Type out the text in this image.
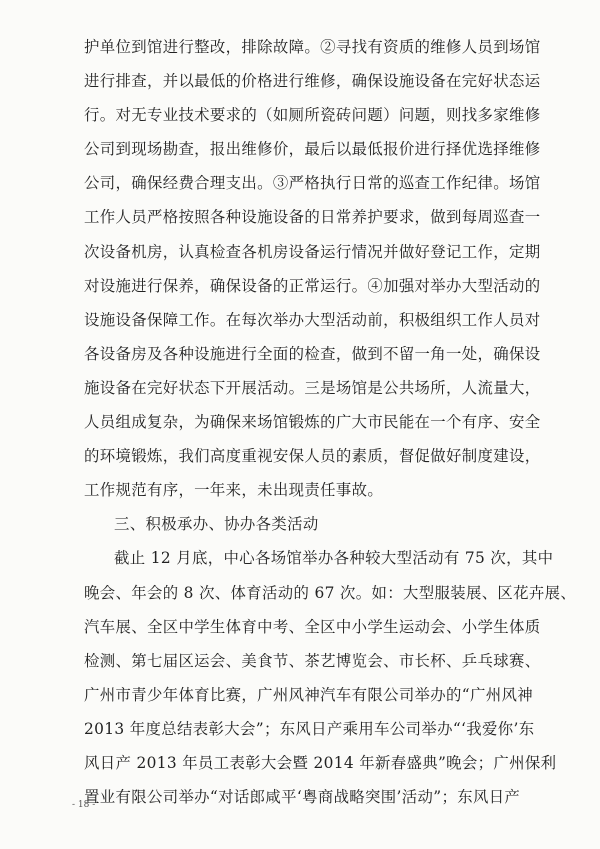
护单位到馆进行整改，排除故障。②寻找有资质的维修人员到场馆
进行排查，并以最低的价格进行维修，确保设施设备在完好状态运
行。对无专业技术要求的（如厕所瓷砖问题）问题，则找多家维修
公司到现场勘查，报出维修价，最后以最低报价进行择优选择维修
公司，确保经费合理支出。③严格执行日常的巡查工作纪律。场馆
工作人员严格按照各种设施设备的日常养护要求，做到每周巡查一
次设备机房，认真检查各机房设备运行情况并做好登记工作，定期
对设施进行保养，确保设备的正常运行。④加强对举办大型活动的
设施设备保障工作。在每次举办大型活动前，积极组织工作人员对
各设备房及各种设施进行全面的检查，做到不留一角一处，确保设
施设备在完好状态下开展活动。三是场馆是公共场所，人流量大，
人员组成复杂，为确保来场馆锻炼的广大市民能在一个有序、安全
的环境锻炼，我们高度重视安保人员的素质，督促做好制度建设，
工作规范有序，一年来，未出现责任事故。
三、积极承办、协办各类活动
截止 12 月底，中心各场馆举办各种较大型活动有 75 次，其中
晚会、年会的 8 次、体育活动的 67 次。如：大型服装展、区花卉展、
汽车展、全区中学生体育中考、全区中小学生运动会、小学生体质
检测、第七届区运会、美食节、茶艺博览会、市长杯、乒乓球赛、
广州市青少年体育比赛，广州风神汽车有限公司举办的“广州风神
2013 年度总结表彰大会”；东风日产乘用车公司举办“‘我爱你’东
风日产 2013 年员工表彰大会暨 2014 年新春盛典”晚会；广州保利
置业有限公司举办“对话郎咸平‘粤商战略突围’活动”；东风日产
- 18 -
